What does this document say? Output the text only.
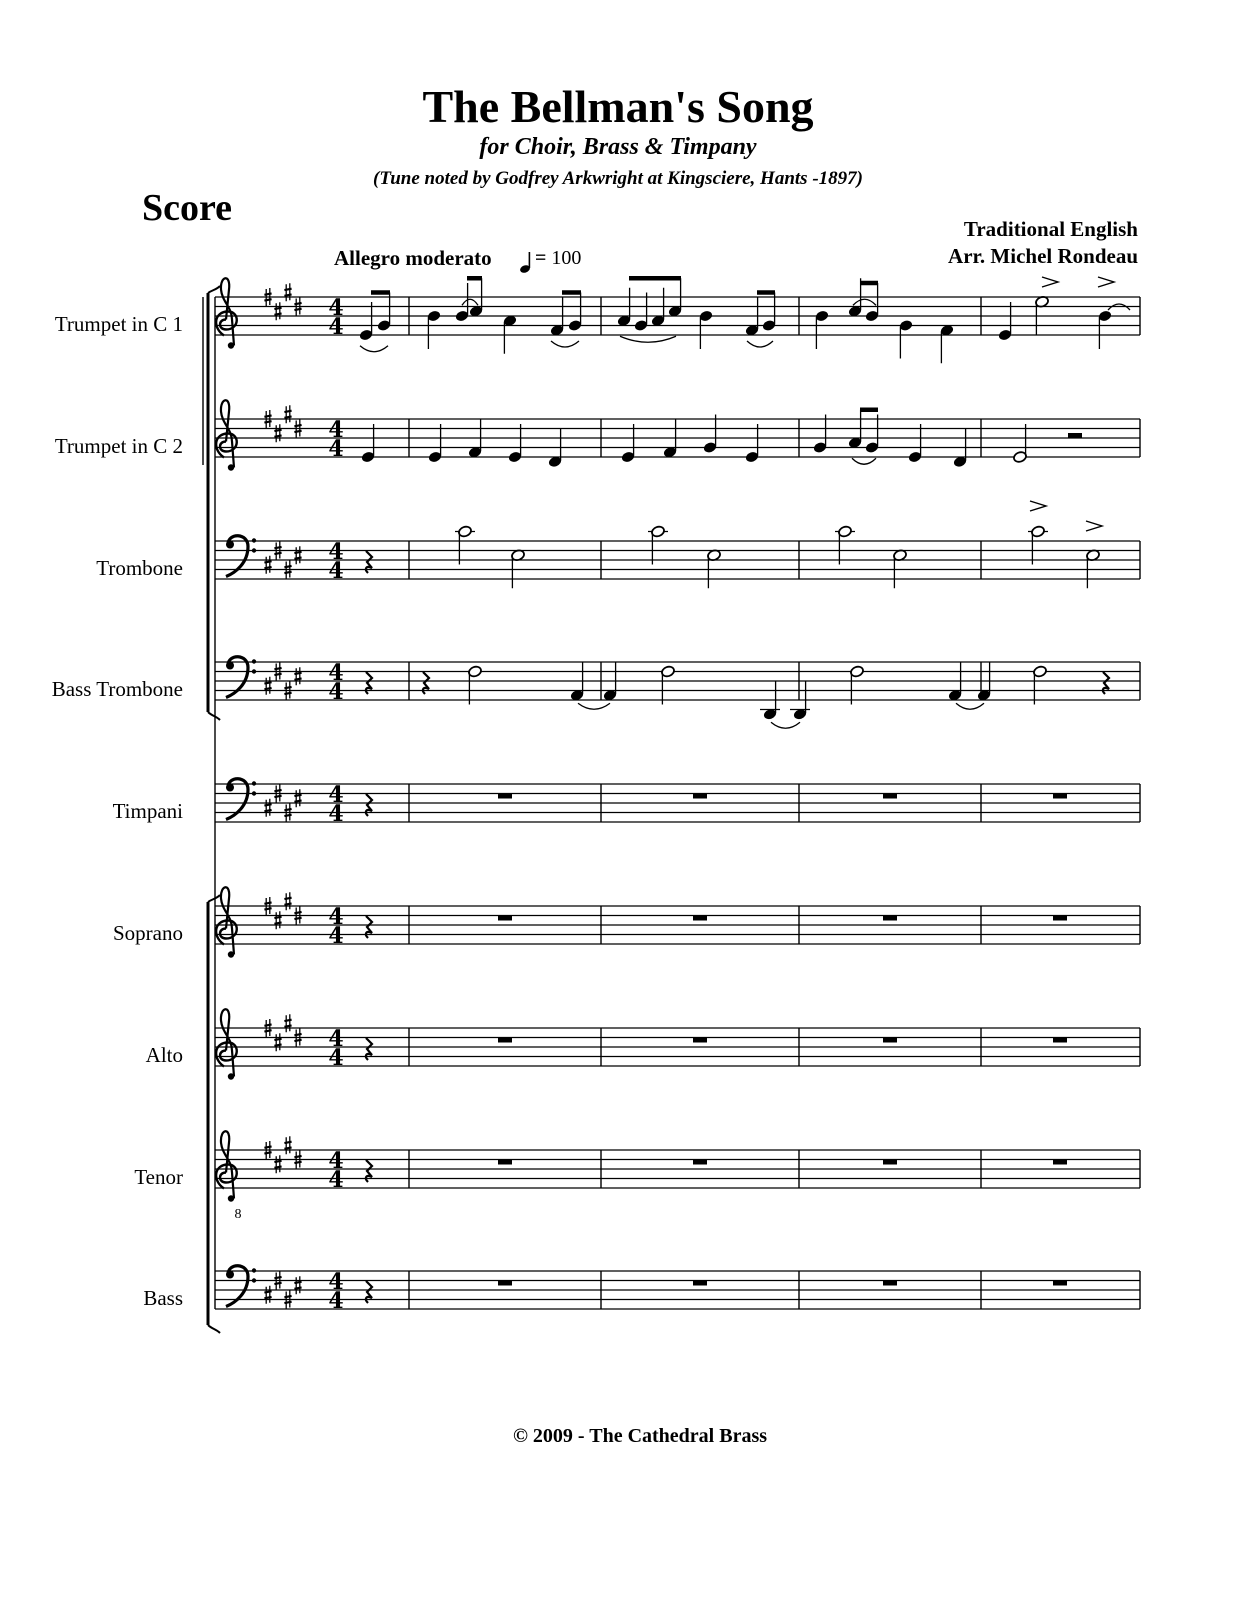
The Bellman's Song
for Choir, Brass & Timpany
(Tune noted by Godfrey Arkwright at Kingsciere, Hants -1897)
Score	Traditional English
Arr. Michel Rondeau
Allegro moderato = 100
Trumpet in C 1
Trumpet in C 2
Trombone
Bass Trombone
Timpani
Soprano
Alto
Tenor
Bass
4
4
4
4
4
4
4
4
4
4
4
4
4
4
4
4
8
4
4
© 2009 - The Cathedral Brass
